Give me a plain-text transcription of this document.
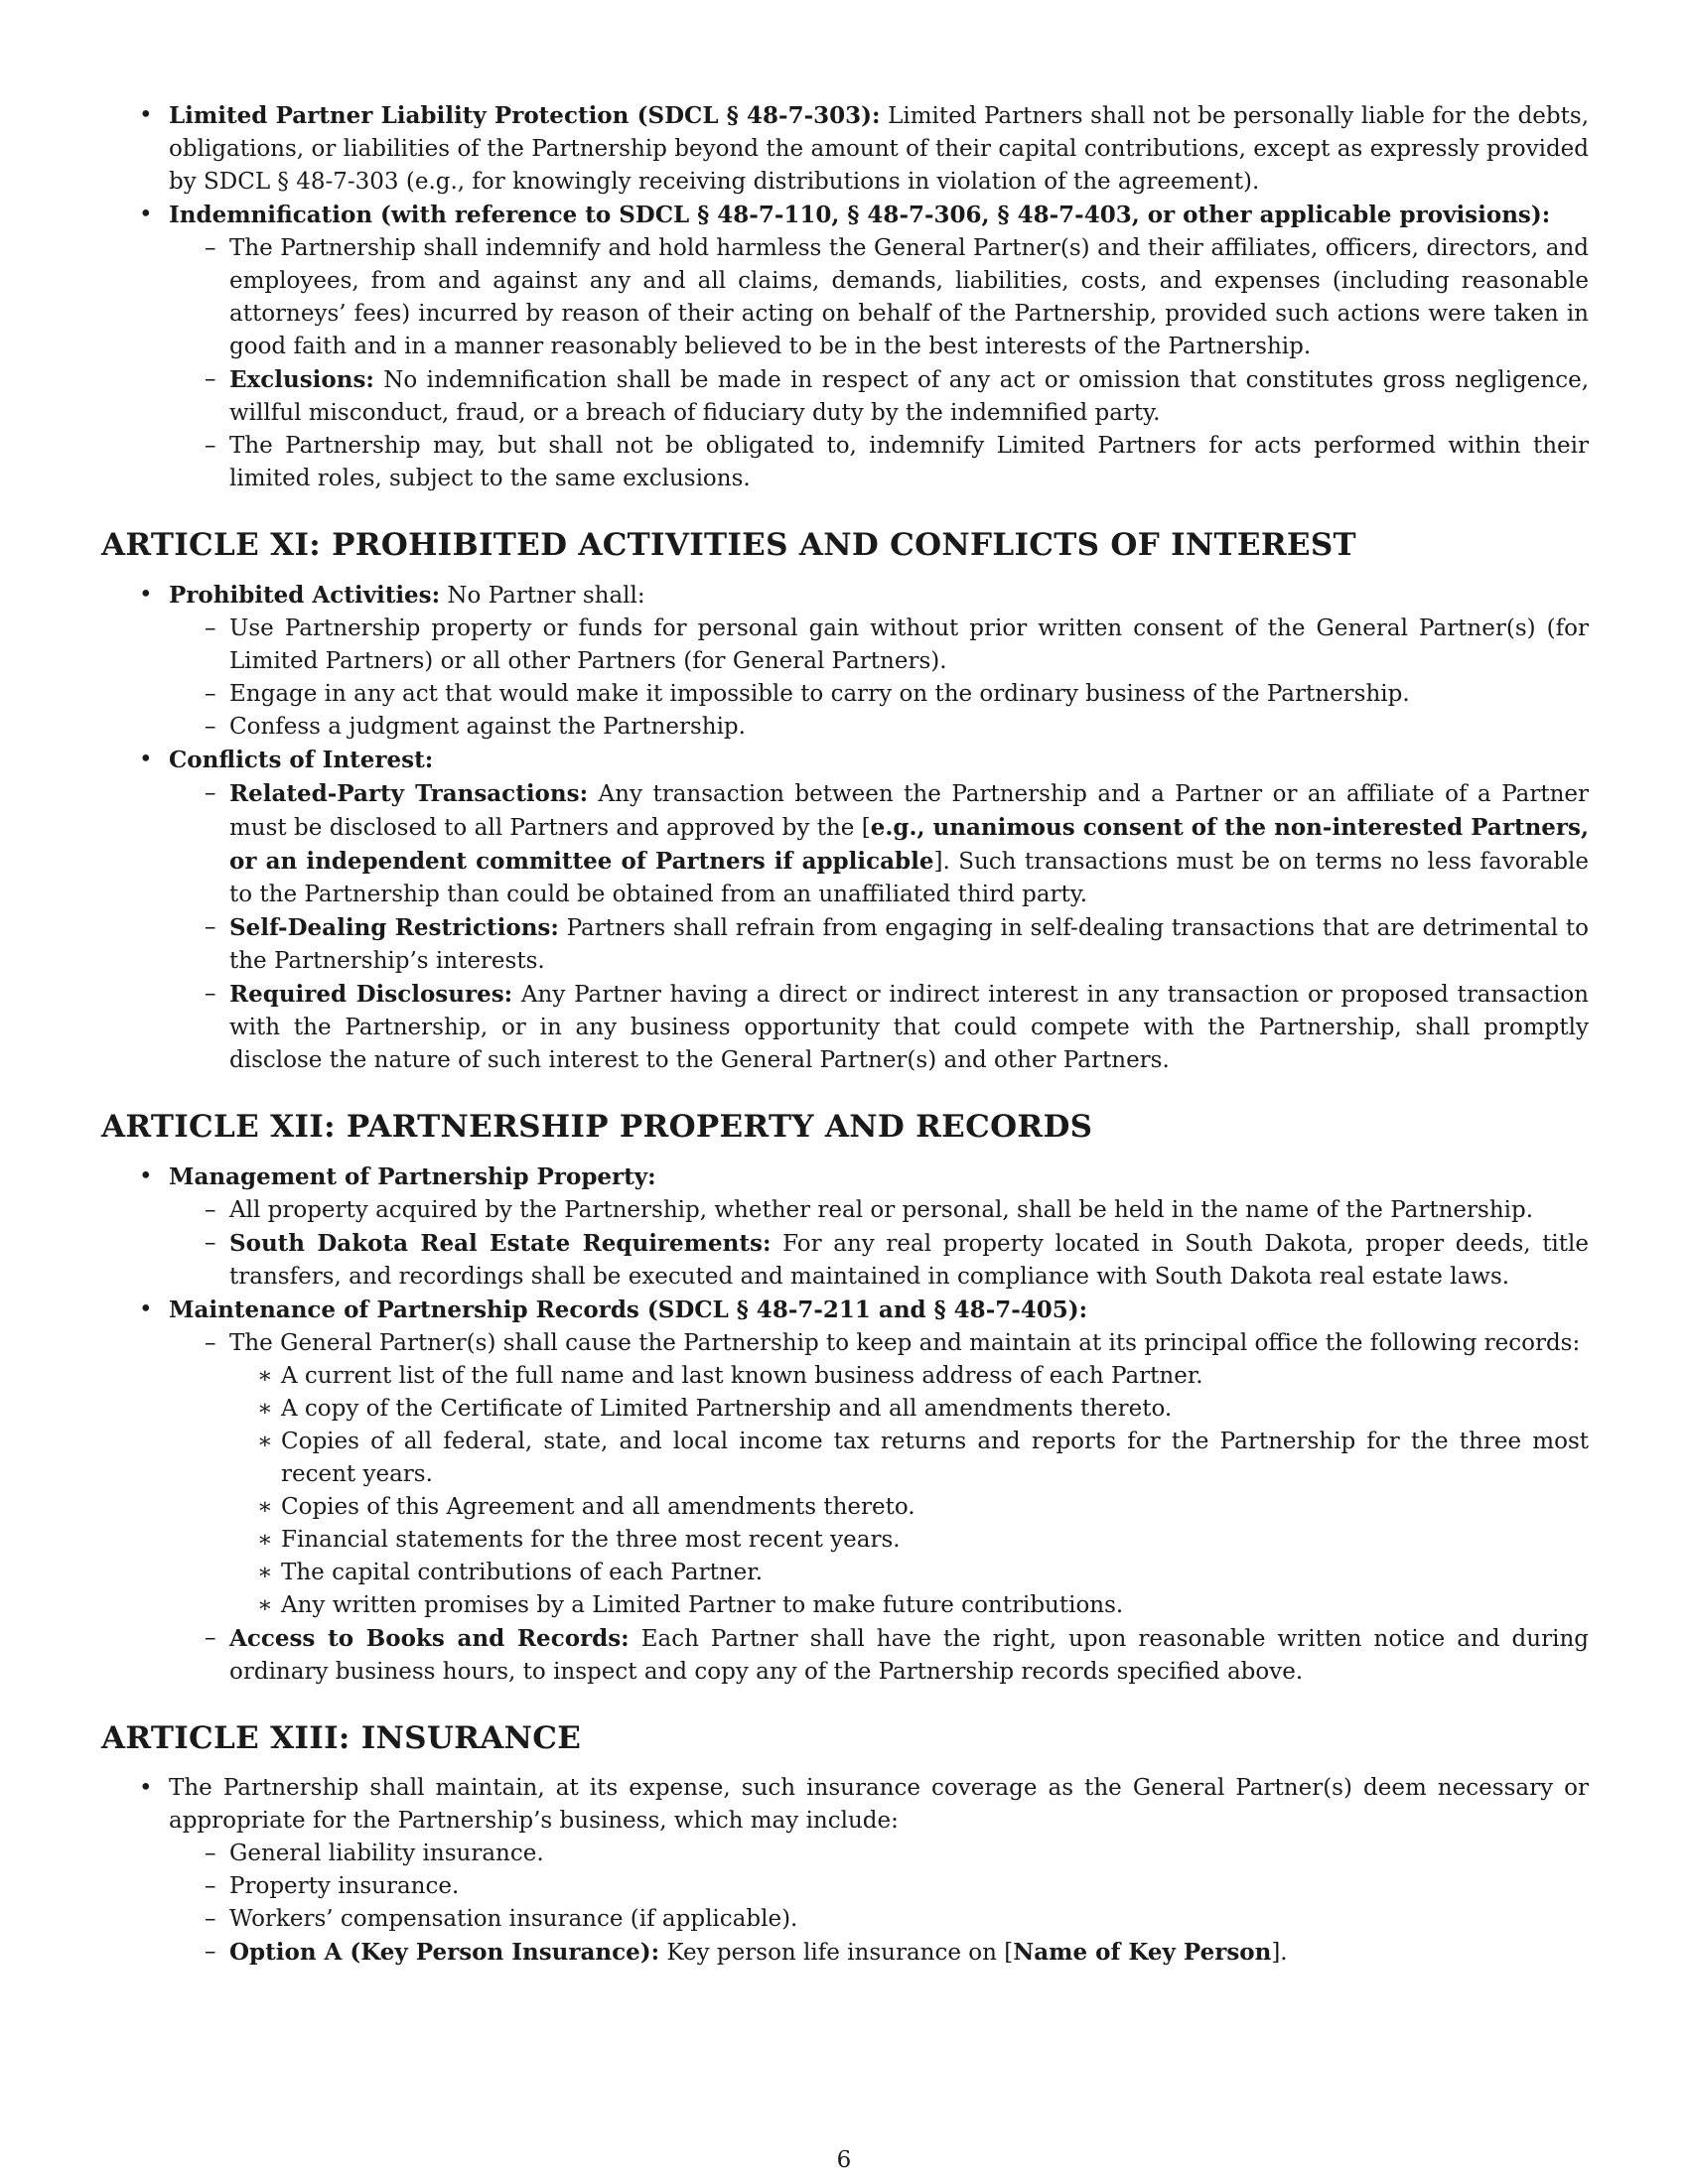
• Limited Partner Liability Protection (SDCL § 48-7-303): Limited Partners shall not be personally liable for the debts, obligations, or liabilities of the Partnership beyond the amount of their capital contributions, except as expressly provided by SDCL § 48-7-303 (e.g., for knowingly receiving distributions in violation of the agreement).
• Indemnification (with reference to SDCL § 48-7-110, § 48-7-306, § 48-7-403, or other applicable provisions):
– The Partnership shall indemnify and hold harmless the General Partner(s) and their affiliates, officers, directors, and employees, from and against any and all claims, demands, liabilities, costs, and expenses (including reasonable attorneys’ fees) incurred by reason of their acting on behalf of the Partnership, provided such actions were taken in good faith and in a manner reasonably believed to be in the best interests of the Partnership.
– Exclusions: No indemnification shall be made in respect of any act or omission that constitutes gross negligence, willful misconduct, fraud, or a breach of fiduciary duty by the indemnified party.
– The Partnership may, but shall not be obligated to, indemnify Limited Partners for acts performed within their limited roles, subject to the same exclusions.
ARTICLE XI: PROHIBITED ACTIVITIES AND CONFLICTS OF INTEREST
• Prohibited Activities: No Partner shall:
– Use Partnership property or funds for personal gain without prior written consent of the General Partner(s) (for Limited Partners) or all other Partners (for General Partners).
– Engage in any act that would make it impossible to carry on the ordinary business of the Partnership.
– Confess a judgment against the Partnership.
• Conflicts of Interest:
– Related-Party Transactions: Any transaction between the Partnership and a Partner or an affiliate of a Partner must be disclosed to all Partners and approved by the [e.g., unanimous consent of the non-interested Partners, or an independent committee of Partners if applicable]. Such transactions must be on terms no less favorable to the Partnership than could be obtained from an unaffiliated third party.
– Self-Dealing Restrictions: Partners shall refrain from engaging in self-dealing transactions that are detrimental to the Partnership’s interests.
– Required Disclosures: Any Partner having a direct or indirect interest in any transaction or proposed transaction with the Partnership, or in any business opportunity that could compete with the Partnership, shall promptly disclose the nature of such interest to the General Partner(s) and other Partners.
ARTICLE XII: PARTNERSHIP PROPERTY AND RECORDS
• Management of Partnership Property:
– All property acquired by the Partnership, whether real or personal, shall be held in the name of the Partnership.
– South Dakota Real Estate Requirements: For any real property located in South Dakota, proper deeds, title transfers, and recordings shall be executed and maintained in compliance with South Dakota real estate laws.
• Maintenance of Partnership Records (SDCL § 48-7-211 and § 48-7-405):
– The General Partner(s) shall cause the Partnership to keep and maintain at its principal office the following records:
∗ A current list of the full name and last known business address of each Partner.
∗ A copy of the Certificate of Limited Partnership and all amendments thereto.
∗ Copies of all federal, state, and local income tax returns and reports for the Partnership for the three most recent years.
∗ Copies of this Agreement and all amendments thereto.
∗ Financial statements for the three most recent years.
∗ The capital contributions of each Partner.
∗ Any written promises by a Limited Partner to make future contributions.
– Access to Books and Records: Each Partner shall have the right, upon reasonable written notice and during ordinary business hours, to inspect and copy any of the Partnership records specified above.
ARTICLE XIII: INSURANCE
• The Partnership shall maintain, at its expense, such insurance coverage as the General Partner(s) deem necessary or appropriate for the Partnership’s business, which may include:
– General liability insurance.
– Property insurance.
– Workers’ compensation insurance (if applicable).
– Option A (Key Person Insurance): Key person life insurance on [Name of Key Person].
6
